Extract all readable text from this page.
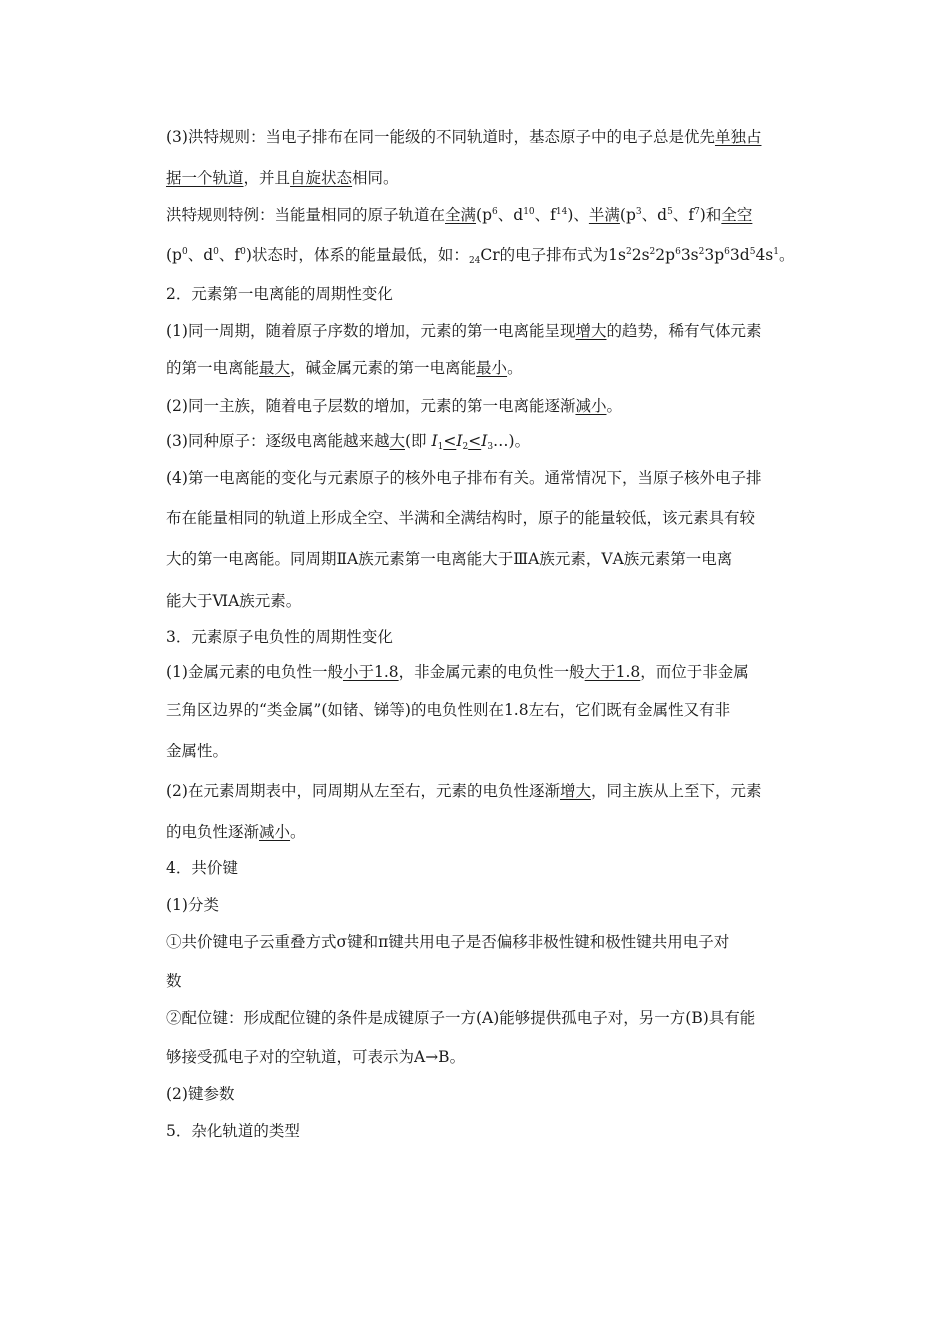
(3)洪特规则：当电子排布在同一能级的不同轨道时，基态原子中的电子总是优先单独占
据一个轨道，并且自旋状态相同。
洪特规则特例：当能量相同的原子轨道在全满($p^6$、$d^{10}$、$f^{14}$)、半满($p^3$、$d^5$、$f^7$)和全空
($p^0$、$d^0$、$f^0$)状态时，体系的能量最低，如：$_{24}$Cr的电子排布式为$1s^22s^22p^63s^23p^63d^54s^1$。
2．元素第一电离能的周期性变化
(1)同一周期，随着原子序数的增加，元素的第一电离能呈现增大的趋势，稀有气体元素
的第一电离能最大，碱金属元素的第一电离能最小。
(2)同一主族，随着电子层数的增加，元素的第一电离能逐渐减小。
(3)同种原子：逐级电离能越来越大(即 $I_1<I_2<I_3\dots$)。
(4)第一电离能的变化与元素原子的核外电子排布有关。通常情况下，当原子核外电子排
布在能量相同的轨道上形成全空、半满和全满结构时，原子的能量较低，该元素具有较
大的第一电离能。同周期ⅡA族元素第一电离能大于ⅢA族元素，ⅤA族元素第一电离
能大于ⅥA族元素。
3．元素原子电负性的周期性变化
(1)金属元素的电负性一般小于1.8，非金属元素的电负性一般大于1.8，而位于非金属
三角区边界的“类金属”(如锗、锑等)的电负性则在1.8左右，它们既有金属性又有非
金属性。
(2)在元素周期表中，同周期从左至右，元素的电负性逐渐增大，同主族从上至下，元素
的电负性逐渐减小。
4．共价键
(1)分类
①共价键电子云重叠方式σ键和π键共用电子是否偏移非极性键和极性键共用电子对
数
②配位键：形成配位键的条件是成键原子一方(A)能够提供孤电子对，另一方(B)具有能
够接受孤电子对的空轨道，可表示为A→B。
(2)键参数
5．杂化轨道的类型
